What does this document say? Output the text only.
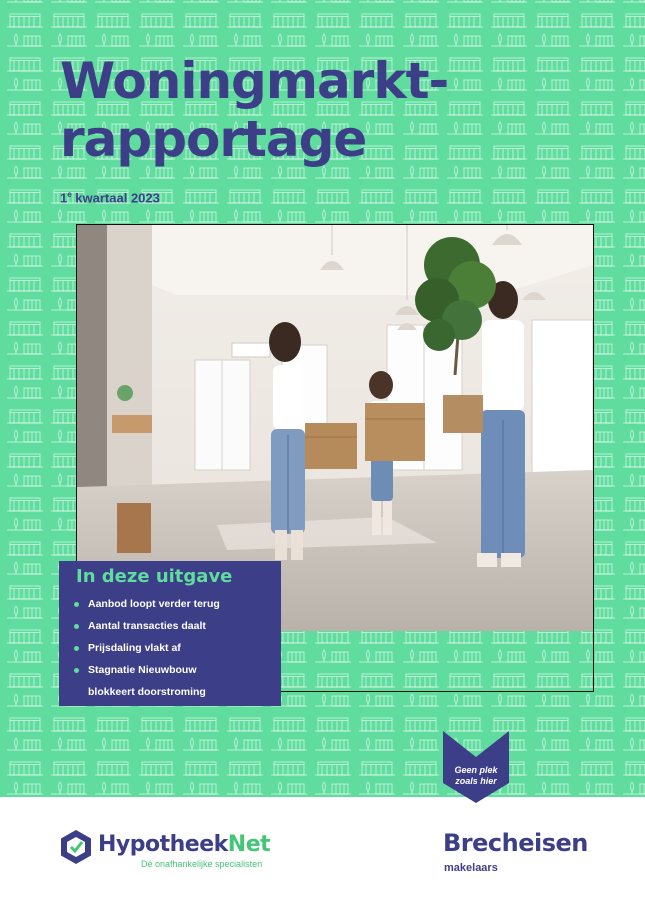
Woningmarkt-
rapportage
1e kwartaal 2023
In deze uitgave
Aanbod loopt verder terug
Aantal transacties daalt
Prijsdaling vlakt af
Stagnatie Nieuwbouw
blokkeert doorstroming
Geen plek
zoals hier
HypotheekNet
Dé onafhankelijke specialisten
Brecheisen
makelaars
